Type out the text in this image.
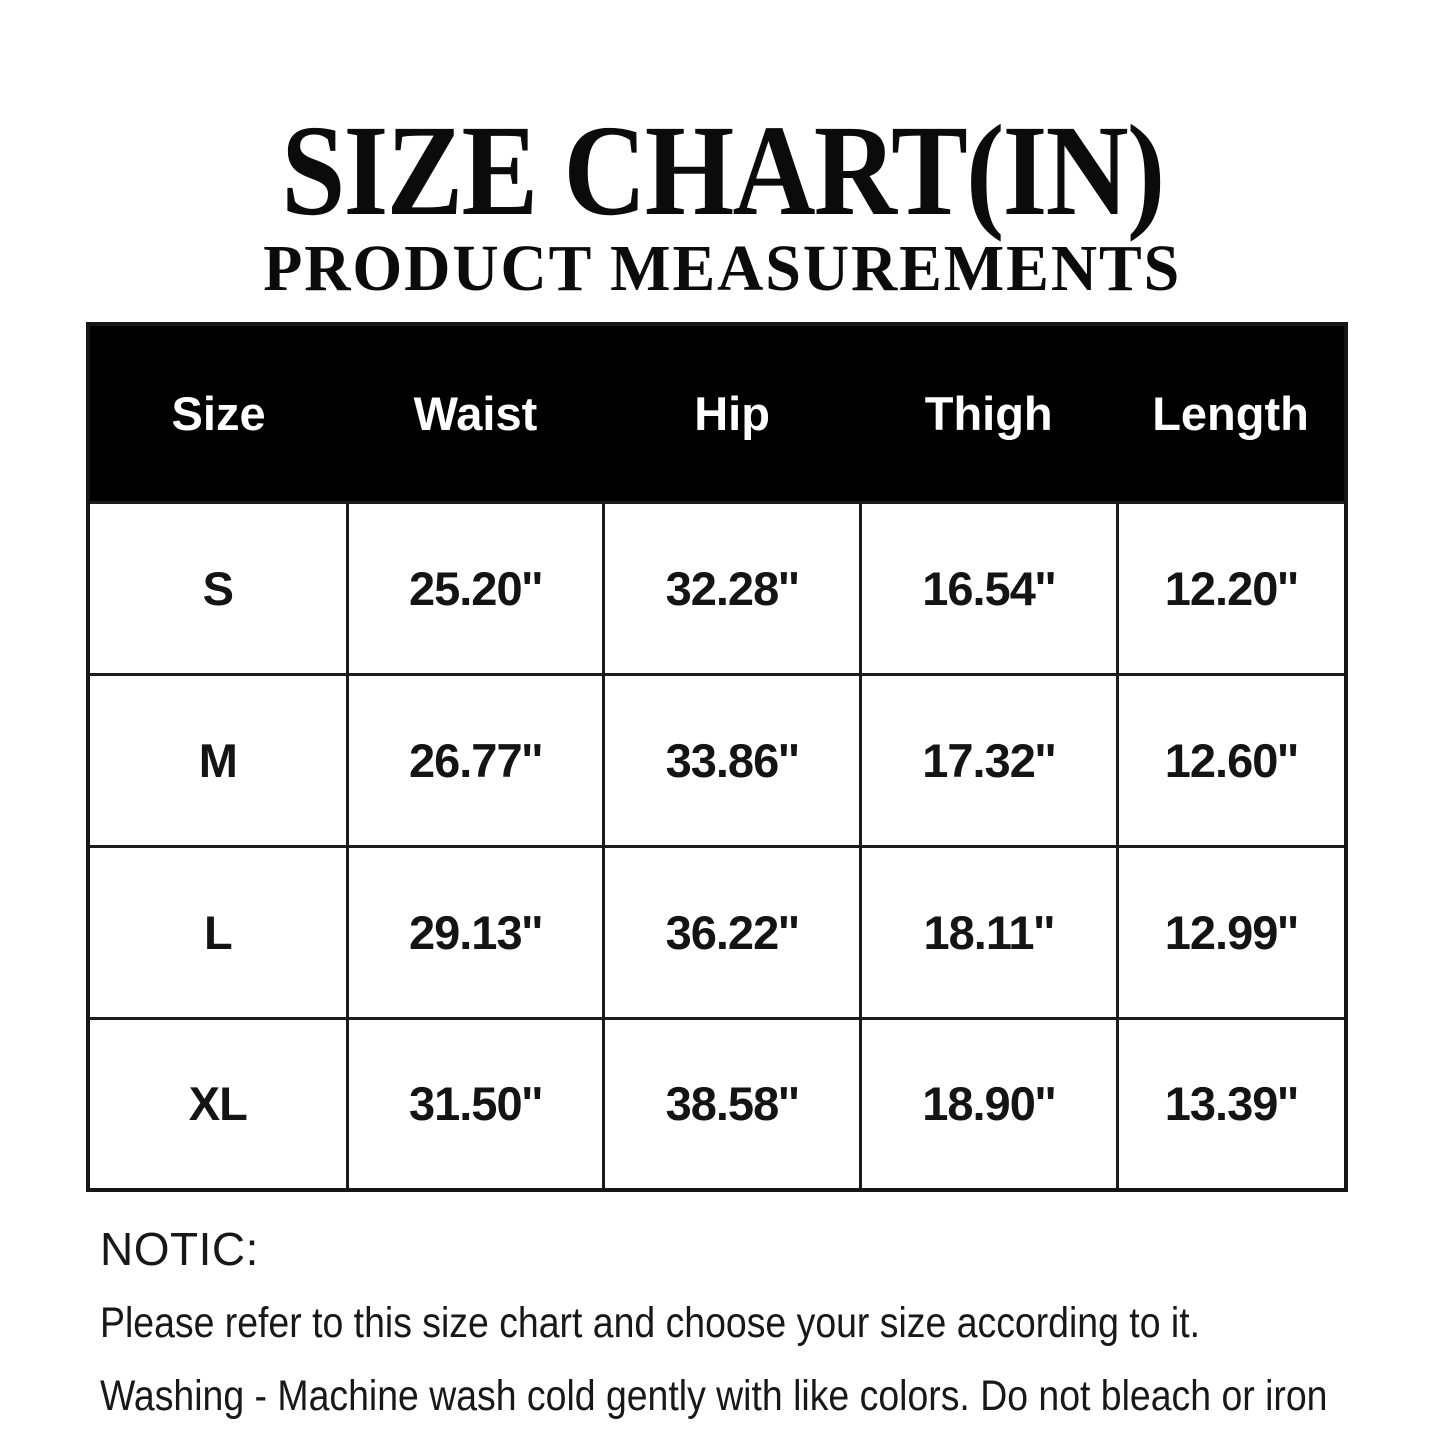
SIZE CHART(IN)
PRODUCT MEASUREMENTS
Size	Waist	Hip	Thigh	Length
S	25.20''	32.28''	16.54''	12.20''
M	26.77''	33.86''	17.32''	12.60''
L	29.13''	36.22''	18.11''	12.99''
XL	31.50''	38.58''	18.90''	13.39''

NOTIC:

Please refer to this size chart and choose your size according to it.

Washing - Machine wash cold gently with like colors. Do not bleach or iron
